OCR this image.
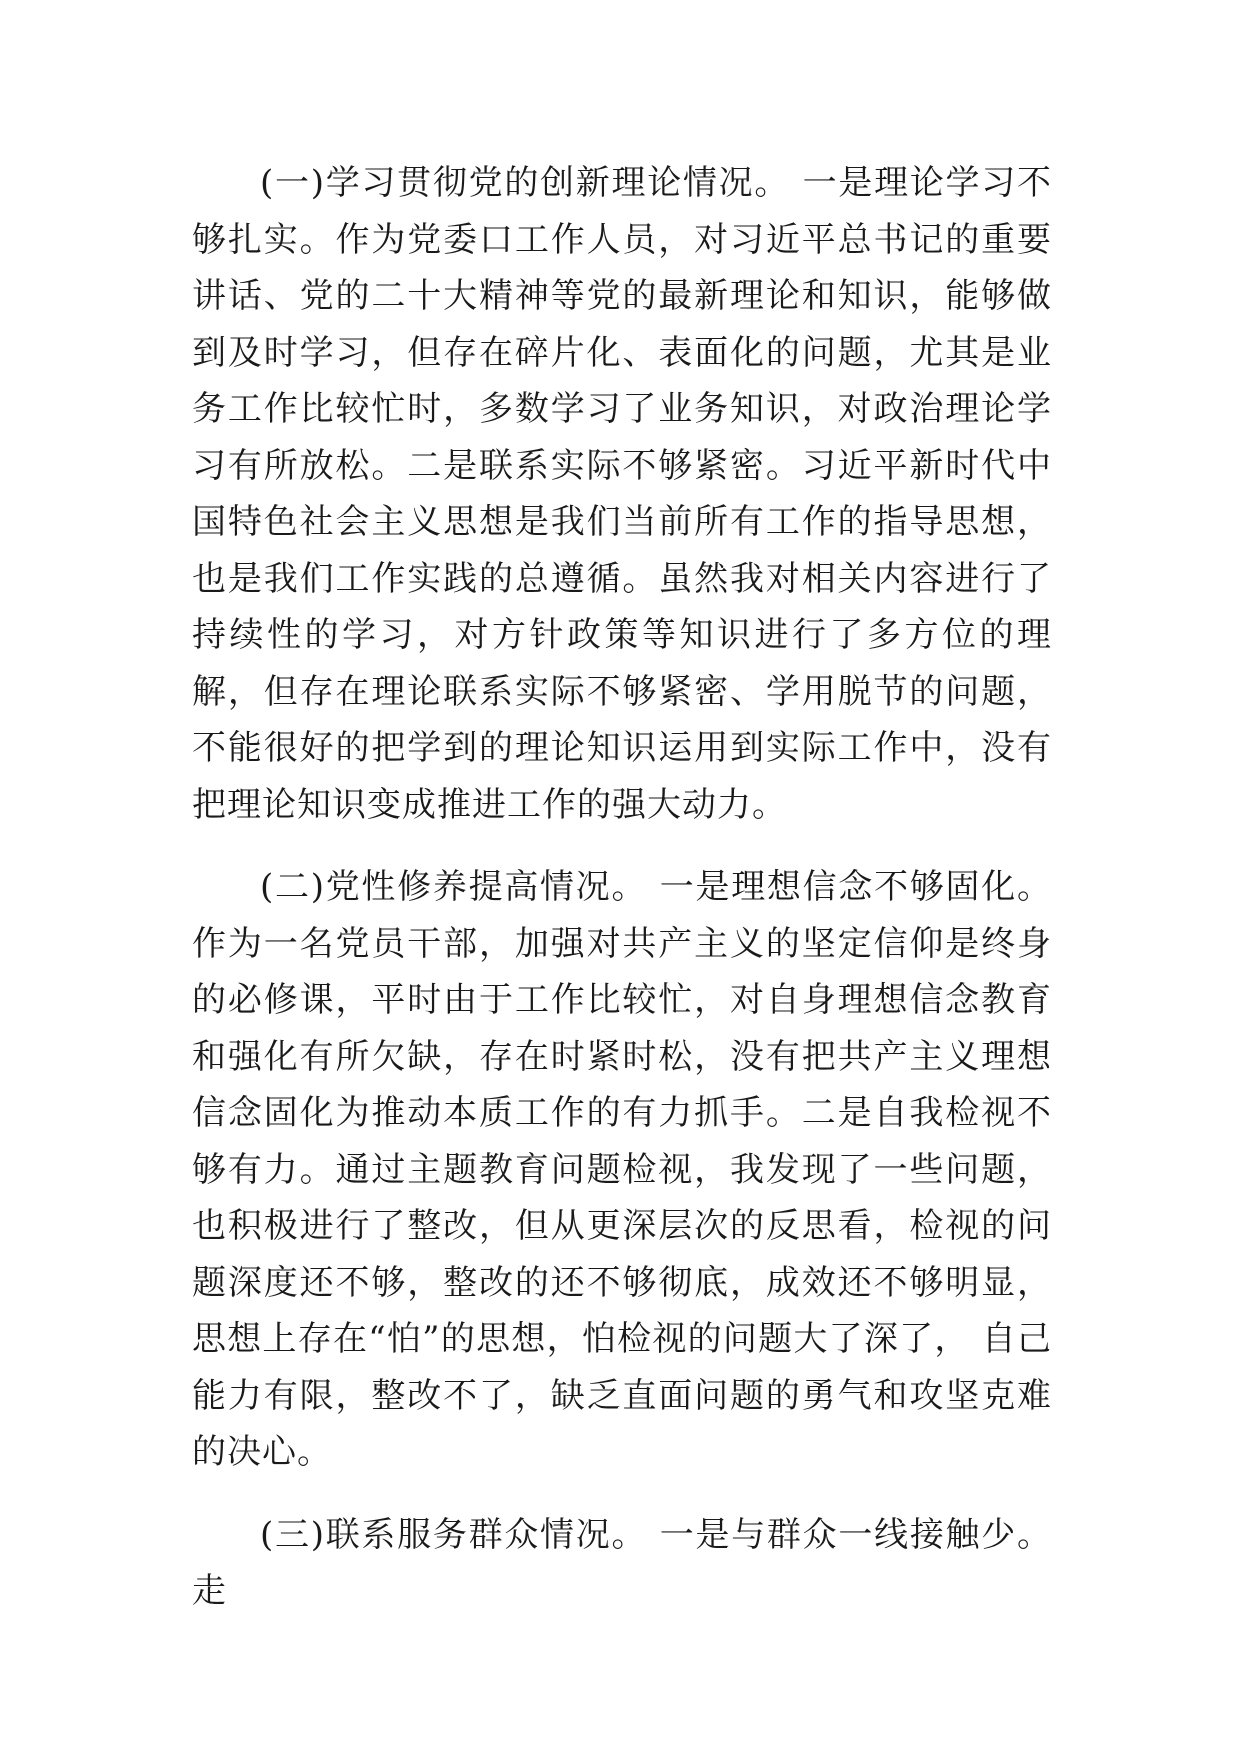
(一)学习贯彻党的创新理论情况。 一是理论学习不够扎实。作为党委口工作人员，对习近平总书记的重要讲话、党的二十大精神等党的最新理论和知识，能够做到及时学习，但存在碎片化、表面化的问题，尤其是业务工作比较忙时，多数学习了业务知识，对政治理论学习有所放松。二是联系实际不够紧密。习近平新时代中国特色社会主义思想是我们当前所有工作的指导思想，也是我们工作实践的总遵循。虽然我对相关内容进行了持续性的学习，对方针政策等知识进行了多方位的理解，但存在理论联系实际不够紧密、学用脱节的问题，不能很好的把学到的理论知识运用到实际工作中，没有把理论知识变成推进工作的强大动力。

(二)党性修养提高情况。 一是理想信念不够固化。作为一名党员干部，加强对共产主义的坚定信仰是终身的必修课，平时由于工作比较忙，对自身理想信念教育和强化有所欠缺，存在时紧时松，没有把共产主义理想信念固化为推动本质工作的有力抓手。二是自我检视不够有力。通过主题教育问题检视，我发现了一些问题，也积极进行了整改，但从更深层次的反思看，检视的问题深度还不够，整改的还不够彻底，成效还不够明显，思想上存在“怕”的思想，怕检视的问题大了深了， 自己能力有限，整改不了，缺乏直面问题的勇气和攻坚克难的决心。

(三)联系服务群众情况。 一是与群众一线接触少。走
